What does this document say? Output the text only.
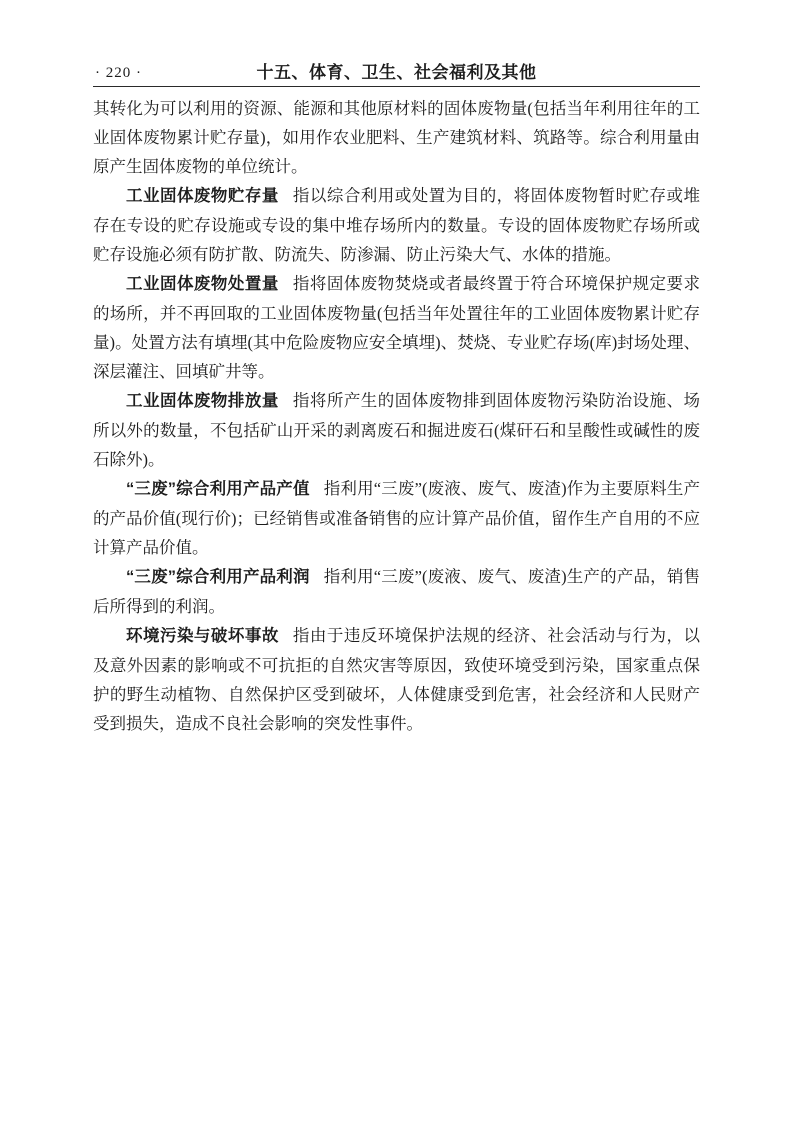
· 220 ·	十五、体育、卫生、社会福利及其他

其转化为可以利用的资源、能源和其他原材料的固体废物量(包括当年利用往年的工业固体废物累计贮存量)，如用作农业肥料、生产建筑材料、筑路等。综合利用量由原产生固体废物的单位统计。

工业固体废物贮存量 指以综合利用或处置为目的，将固体废物暂时贮存或堆存在专设的贮存设施或专设的集中堆存场所内的数量。专设的固体废物贮存场所或贮存设施必须有防扩散、防流失、防渗漏、防止污染大气、水体的措施。

工业固体废物处置量 指将固体废物焚烧或者最终置于符合环境保护规定要求的场所，并不再回取的工业固体废物量(包括当年处置往年的工业固体废物累计贮存量)。处置方法有填埋(其中危险废物应安全填埋)、焚烧、专业贮存场(库)封场处理、深层灌注、回填矿井等。

工业固体废物排放量 指将所产生的固体废物排到固体废物污染防治设施、场所以外的数量，不包括矿山开采的剥离废石和掘进废石(煤矸石和呈酸性或碱性的废石除外)。

“三废”综合利用产品产值 指利用“三废”(废液、废气、废渣)作为主要原料生产的产品价值(现行价)；已经销售或准备销售的应计算产品价值，留作生产自用的不应计算产品价值。

“三废”综合利用产品利润 指利用“三废”(废液、废气、废渣)生产的产品，销售后所得到的利润。

环境污染与破坏事故 指由于违反环境保护法规的经济、社会活动与行为，以及意外因素的影响或不可抗拒的自然灾害等原因，致使环境受到污染，国家重点保护的野生动植物、自然保护区受到破坏，人体健康受到危害，社会经济和人民财产受到损失，造成不良社会影响的突发性事件。
